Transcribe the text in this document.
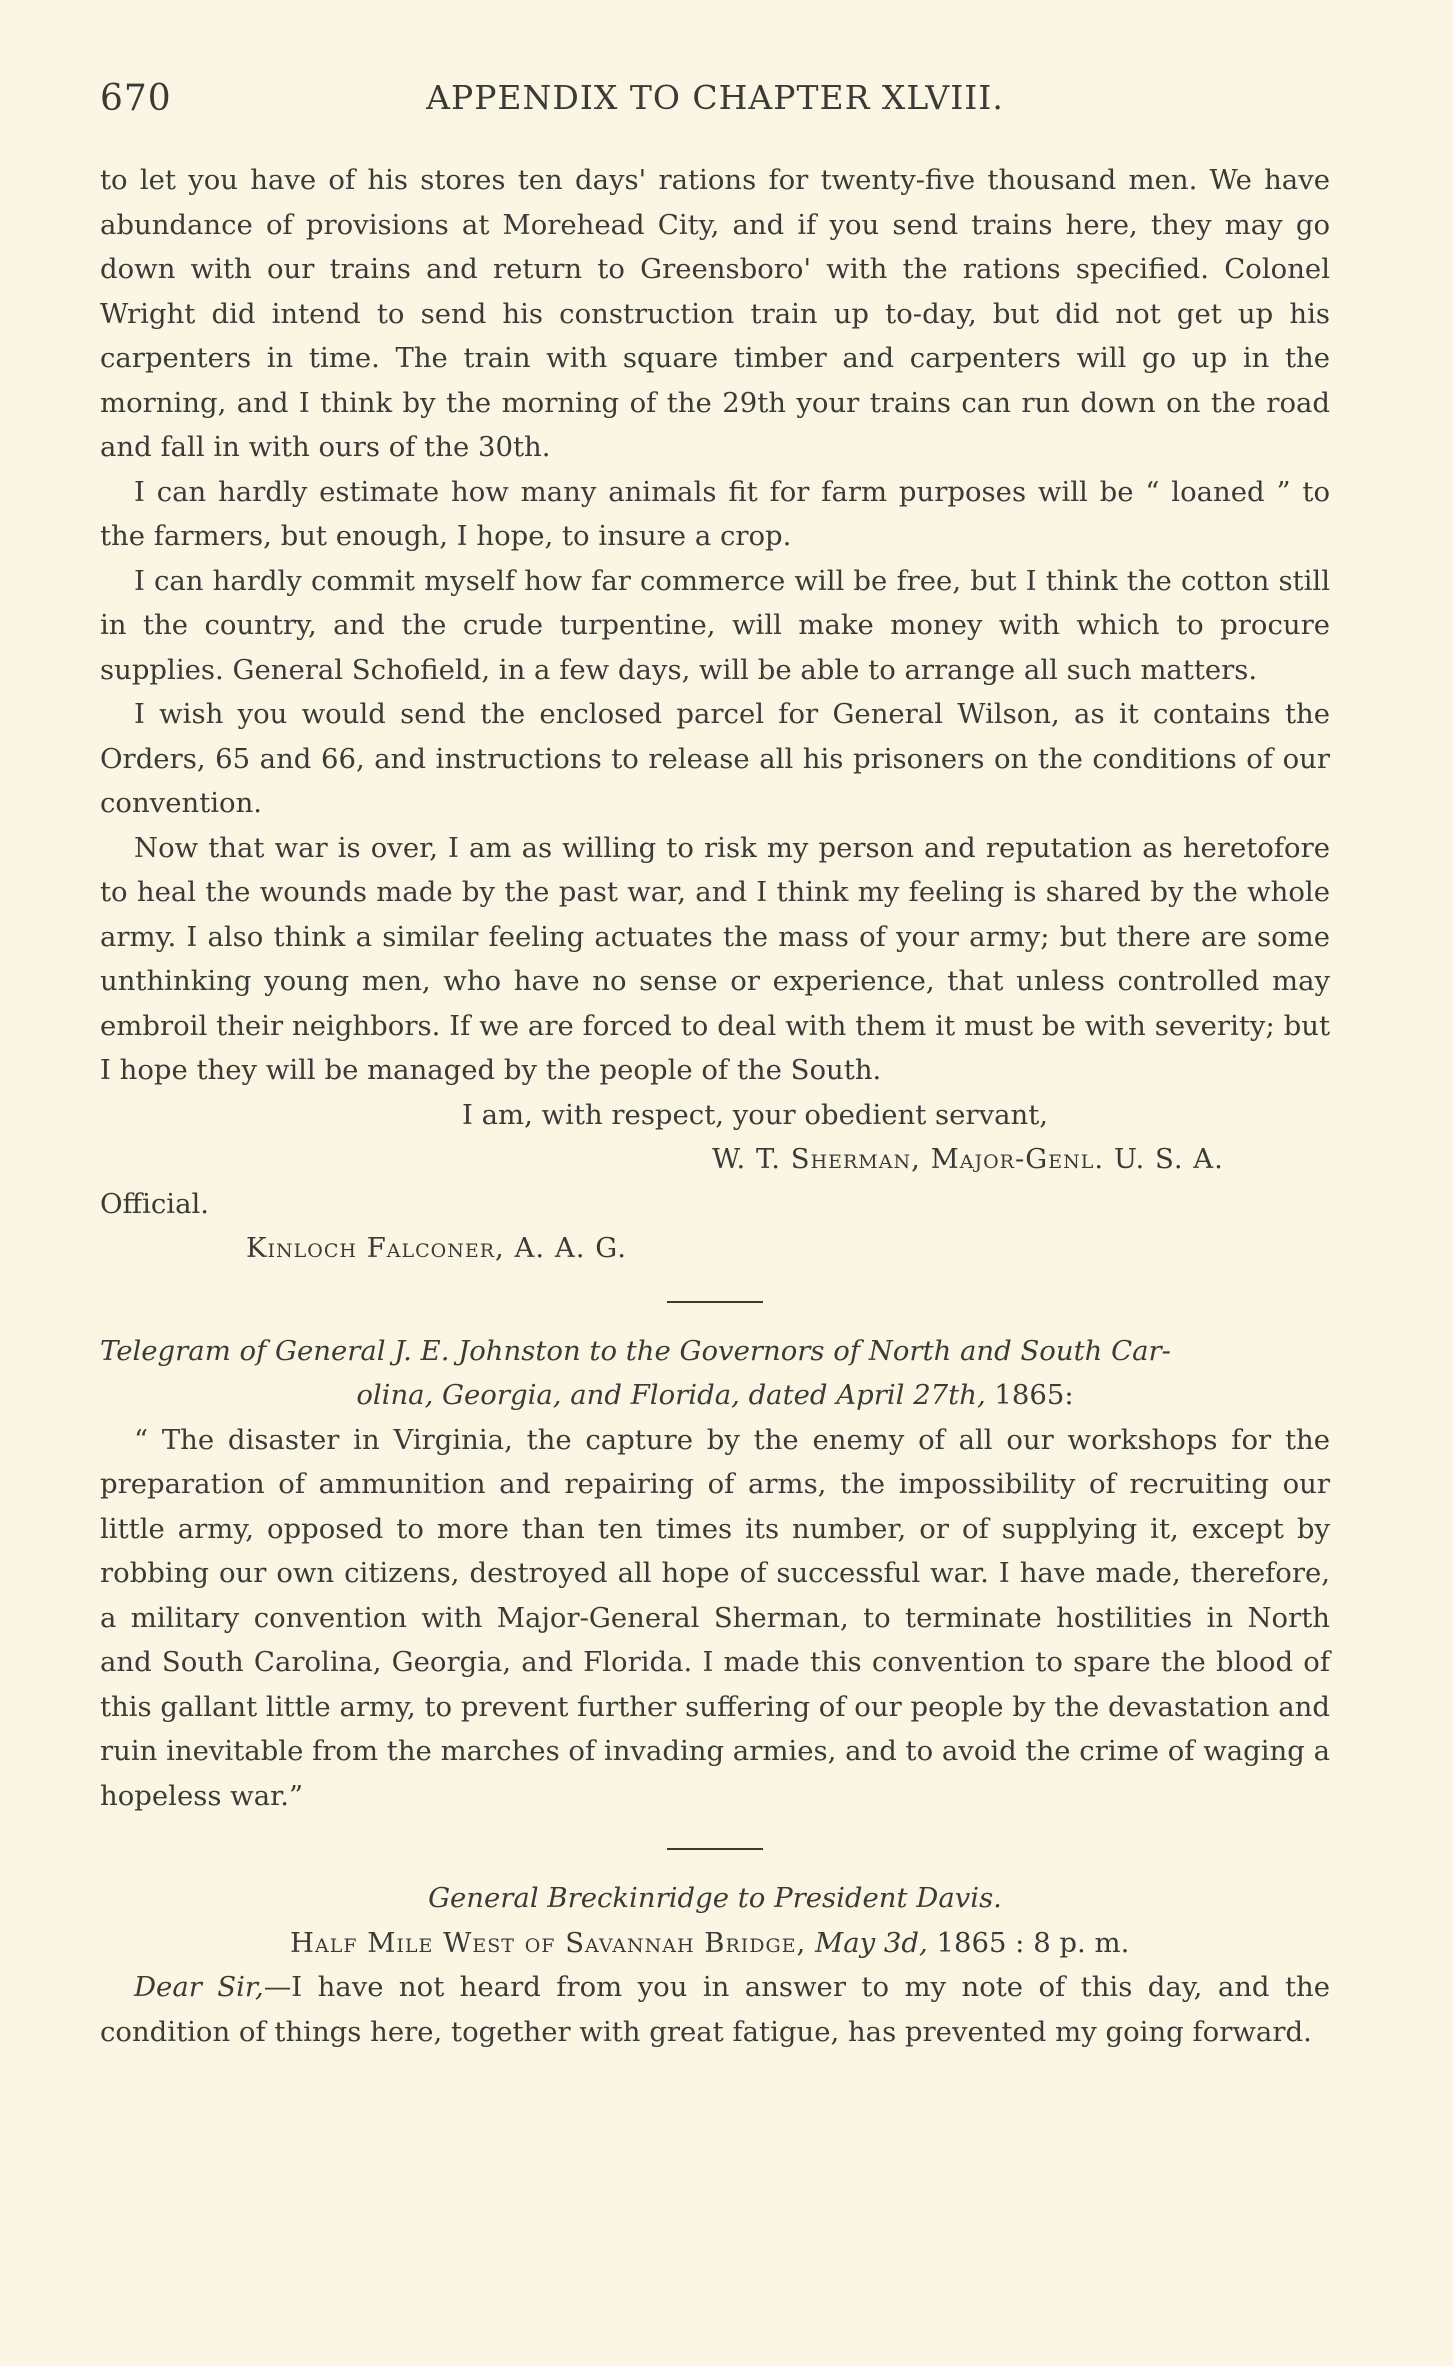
670	APPENDIX TO CHAPTER XLVIII.

to let you have of his stores ten days' rations for twenty-five thousand men. We have abundance of provisions at Morehead City, and if you send trains here, they may go down with our trains and return to Greensboro' with the rations specified. Colonel Wright did intend to send his construction train up to-day, but did not get up his carpenters in time. The train with square timber and carpenters will go up in the morning, and I think by the morning of the 29th your trains can run down on the road and fall in with ours of the 30th.

I can hardly estimate how many animals fit for farm purposes will be “ loaned ” to the farmers, but enough, I hope, to insure a crop.

I can hardly commit myself how far commerce will be free, but I think the cotton still in the country, and the crude turpentine, will make money with which to procure supplies. General Schofield, in a few days, will be able to arrange all such matters.

I wish you would send the enclosed parcel for General Wilson, as it contains the Orders, 65 and 66, and instructions to release all his prisoners on the conditions of our convention.

Now that war is over, I am as willing to risk my person and reputation as heretofore to heal the wounds made by the past war, and I think my feeling is shared by the whole army. I also think a similar feeling actuates the mass of your army; but there are some unthinking young men, who have no sense or experience, that unless controlled may embroil their neighbors. If we are forced to deal with them it must be with severity; but I hope they will be managed by the people of the South.

I am, with respect, your obedient servant,

W. T. Sherman, Major-Genl. U. S. A.

Official.

Kinloch Falconer, A. A. G.

Telegram of General J. E. Johnston to the Governors of North and South Car-

olina, Georgia, and Florida, dated April 27th, 1865:

“ The disaster in Virginia, the capture by the enemy of all our workshops for the preparation of ammunition and repairing of arms, the impossibility of recruiting our little army, opposed to more than ten times its number, or of supplying it, except by robbing our own citizens, destroyed all hope of successful war. I have made, therefore, a military convention with Major-General Sherman, to terminate hostilities in North and South Carolina, Georgia, and Florida. I made this convention to spare the blood of this gallant little army, to prevent further suffering of our people by the devastation and ruin inevitable from the marches of invading armies, and to avoid the crime of waging a hopeless war.”

General Breckinridge to President Davis.

Half Mile West of Savannah Bridge, May 3d, 1865 : 8 p. m.

Dear Sir,—I have not heard from you in answer to my note of this day, and the condition of things here, together with great fatigue, has prevented my going forward.
